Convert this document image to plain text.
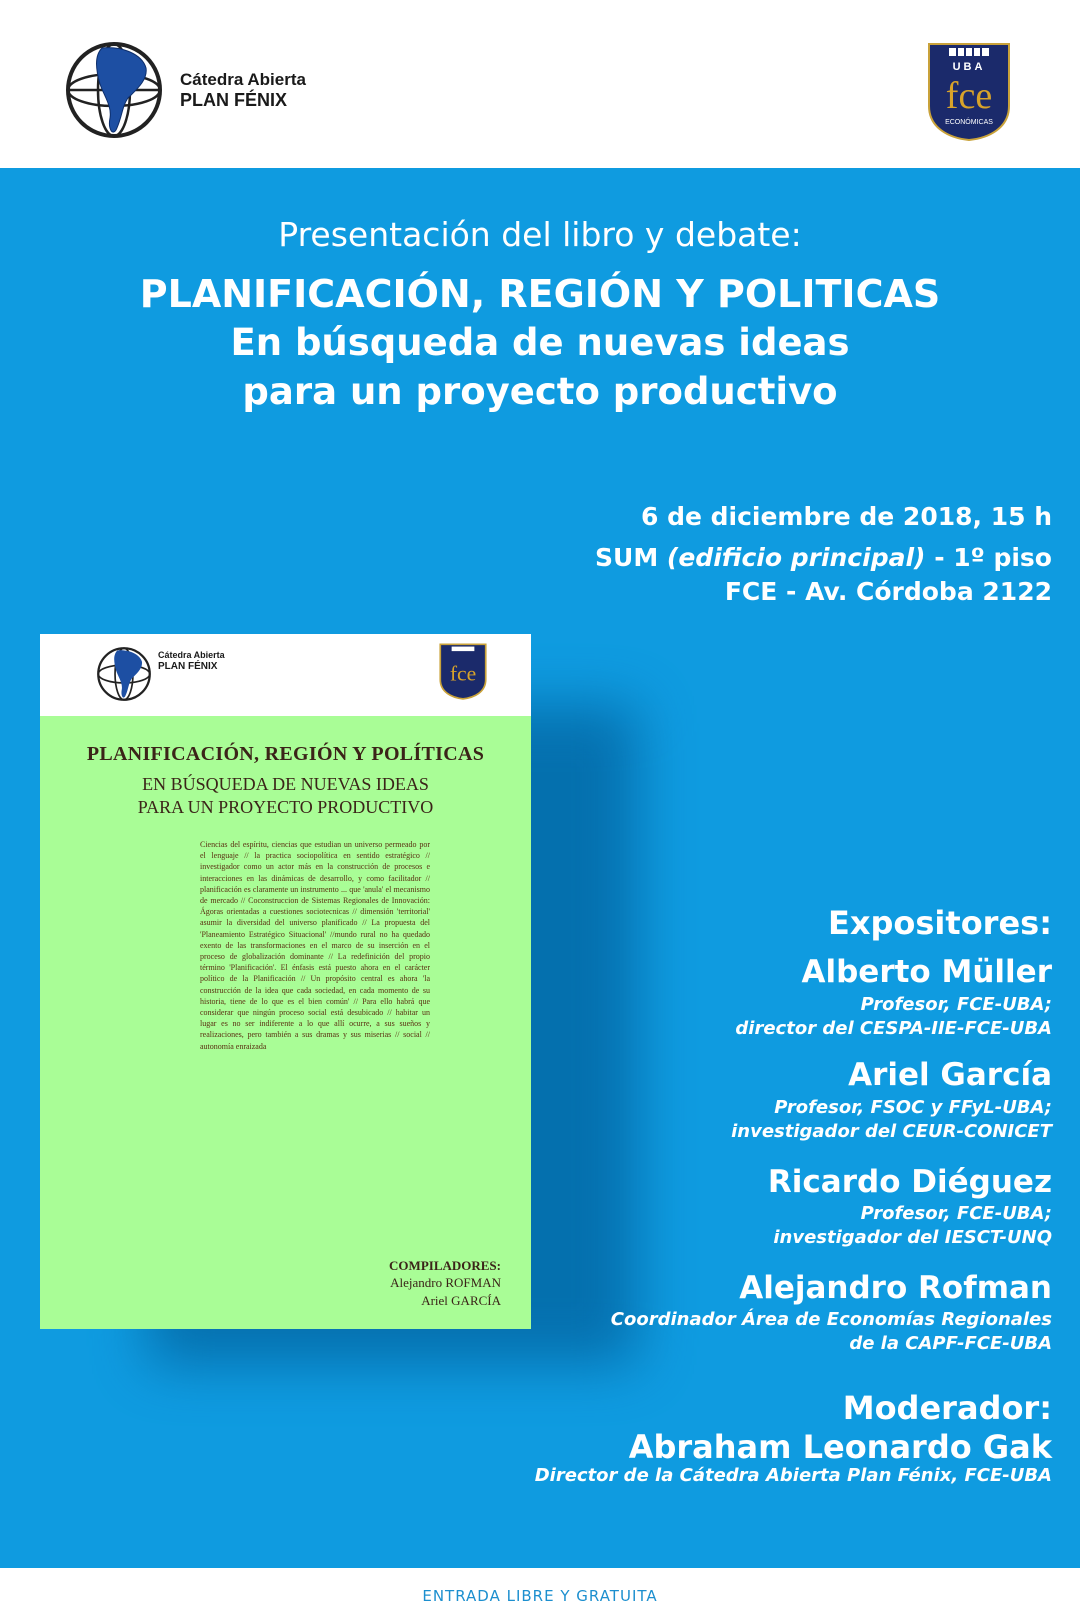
Cátedra Abierta
PLAN FÉNIX
UBA
fce
ECONÓMICAS
Presentación del libro y debate:
PLANIFICACIÓN, REGIÓN Y POLITICAS
En búsqueda de nuevas ideas
para un proyecto productivo
6 de diciembre de 2018, 15 h
SUM (edificio principal) - 1º piso
FCE - Av. Córdoba 2122
Cátedra Abierta
PLAN FÉNIX	fce
PLANIFICACIÓN, REGIÓN Y POLÍTICAS
EN BÚSQUEDA DE NUEVAS IDEAS
PARA UN PROYECTO PRODUCTIVO
Ciencias del espíritu, ciencias que estudian un universo permeado por el lenguaje // la practica sociopolítica en sentido estratégico // investigador como un actor más en la construcción de procesos e interacciones en las dinámicas de desarrollo, y como facilitador // planificación es claramente un instrumento ... que 'anula' el mecanismo de mercado // Coconstruccion de Sistemas Regionales de Innovación: Ágoras orientadas a cuestiones sociotecnicas // dimensión 'territorial' asumir la diversidad del universo planificado // La propuesta del 'Planeamiento Estratégico Situacional' //mundo rural no ha quedado exento de las transformaciones en el marco de su inserción en el proceso de globalización dominante // La redefinición del propio término 'Planificación'. El énfasis está puesto ahora en el carácter político de la Planificación // Un propósito central es ahora 'la construcción de la idea que cada sociedad, en cada momento de su historia, tiene de lo que es el bien común' // Para ello habrá que considerar que ningún proceso social está desubicado // habitar un lugar es no ser indiferente a lo que allí ocurre, a sus sueños y realizaciones, pero también a sus dramas y sus miserias // social // autonomía enraizada
COMPILADORES:
Alejandro ROFMAN
Ariel GARCÍA
Expositores:
Alberto Müller
Profesor, FCE-UBA;
director del CESPA-IIE-FCE-UBA
Ariel García
Profesor, FSOC y FFyL-UBA;
investigador del CEUR-CONICET
Ricardo Diéguez
Profesor, FCE-UBA;
investigador del IESCT-UNQ
Alejandro Rofman
Coordinador Área de Economías Regionales
de la CAPF-FCE-UBA
Moderador:
Abraham Leonardo Gak
Director de la Cátedra Abierta Plan Fénix, FCE-UBA
ENTRADA LIBRE Y GRATUITA
